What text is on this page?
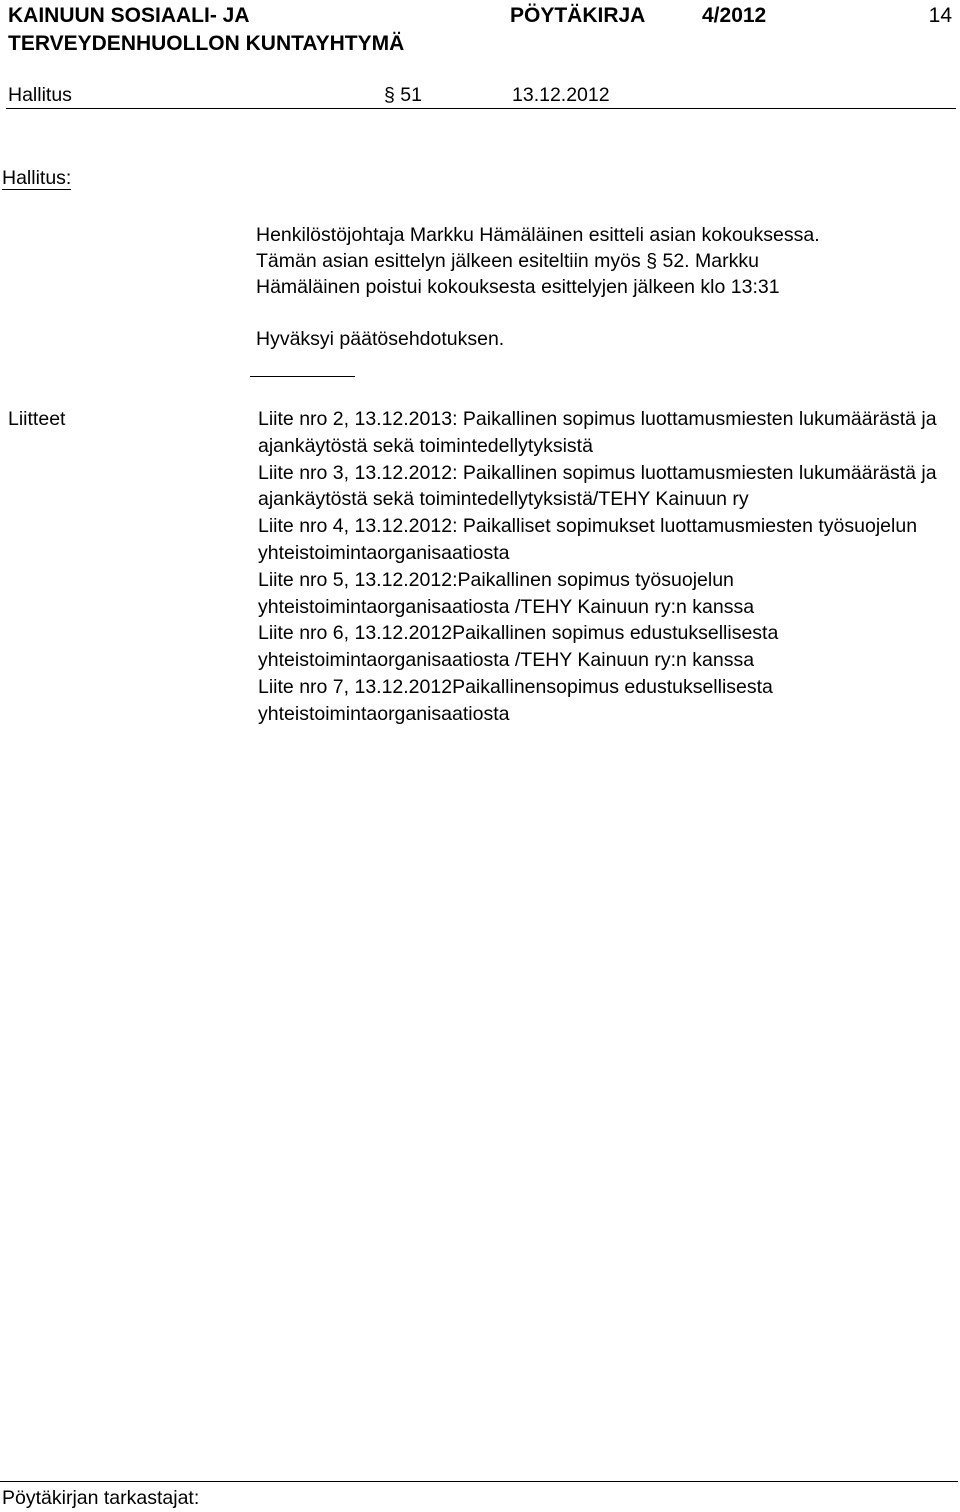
KAINUUN SOSIAALI- JA
TERVEYDENHUOLLON KUNTAYHTYMÄ
PÖYTÄKIRJA	4/2012	14
Hallitus	§ 51	13.12.2012
Hallitus:
Henkilöstöjohtaja Markku Hämäläinen esitteli asian kokouksessa.
Tämän asian esittelyn jälkeen esiteltiin myös § 52. Markku
Hämäläinen poistui kokouksesta esittelyjen jälkeen klo 13:31
Hyväksyi päätösehdotuksen.
Liitteet	Liite nro 2, 13.12.2013: Paikallinen sopimus luottamusmiesten lukumäärästä ja ajankäytöstä sekä toimintedellytyksistä
Liite nro 3, 13.12.2012: Paikallinen sopimus luottamusmiesten lukumäärästä ja ajankäytöstä sekä toimintedellytyksistä/TEHY Kainuun ry
Liite nro 4, 13.12.2012: Paikalliset sopimukset luottamusmiesten työsuojelun yhteistoimintaorganisaatiosta
Liite nro 5, 13.12.2012:Paikallinen sopimus työsuojelun yhteistoimintaorganisaatiosta /TEHY Kainuun ry:n kanssa
Liite nro 6, 13.12.2012Paikallinen sopimus edustuksellisesta yhteistoimintaorganisaatiosta /TEHY Kainuun ry:n kanssa
Liite nro 7, 13.12.2012Paikallinensopimus edustuksellisesta yhteistoimintaorganisaatiosta
Pöytäkirjan tarkastajat:
